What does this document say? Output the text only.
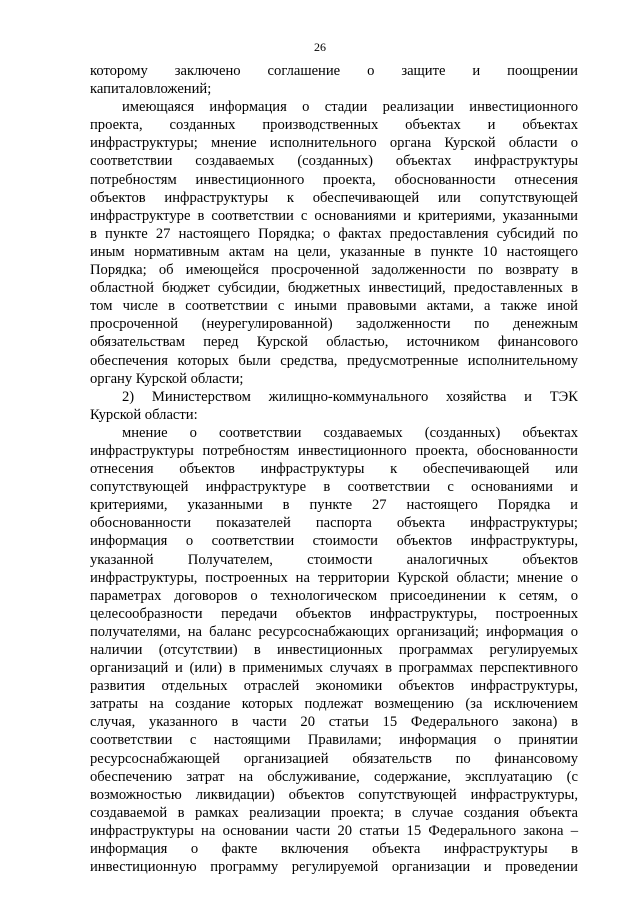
26

которому заключено соглашение о защите и поощрении

капиталовложений;

имеющаяся информация о стадии реализации инвестиционного

проекта, созданных производственных объектах и объектах

инфраструктуры; мнение исполнительного органа Курской области о

соответствии создаваемых (созданных) объектах инфраструктуры

потребностям инвестиционного проекта, обоснованности отнесения

объектов инфраструктуры к обеспечивающей или сопутствующей

инфраструктуре в соответствии с основаниями и критериями, указанными

в пункте 27 настоящего Порядка; о фактах предоставления субсидий по

иным нормативным актам на цели, указанные в пункте 10 настоящего

Порядка; об имеющейся просроченной задолженности по возврату в

областной бюджет субсидии, бюджетных инвестиций, предоставленных в

том числе в соответствии с иными правовыми актами, а также иной

просроченной (неурегулированной) задолженности по денежным

обязательствам перед Курской областью, источником финансового

обеспечения которых были средства, предусмотренные исполнительному

органу Курской области;

2) Министерством жилищно-коммунального хозяйства и ТЭК

Курской области:

мнение о соответствии создаваемых (созданных) объектах

инфраструктуры потребностям инвестиционного проекта, обоснованности

отнесения объектов инфраструктуры к обеспечивающей или

сопутствующей инфраструктуре в соответствии с основаниями и

критериями, указанными в пункте 27 настоящего Порядка и

обоснованности показателей паспорта объекта инфраструктуры;

информация о соответствии стоимости объектов инфраструктуры,

указанной Получателем, стоимости аналогичных объектов

инфраструктуры, построенных на территории Курской области; мнение о

параметрах договоров о технологическом присоединении к сетям, о

целесообразности передачи объектов инфраструктуры, построенных

получателями, на баланс ресурсоснабжающих организаций; информация о

наличии (отсутствии) в инвестиционных программах регулируемых

организаций и (или) в применимых случаях в программах перспективного

развития отдельных отраслей экономики объектов инфраструктуры,

затраты на создание которых подлежат возмещению (за исключением

случая, указанного в части 20 статьи 15 Федерального закона) в

соответствии с настоящими Правилами; информация о принятии

ресурсоснабжающей организацией обязательств по финансовому

обеспечению затрат на обслуживание, содержание, эксплуатацию (с

возможностью ликвидации) объектов сопутствующей инфраструктуры,

создаваемой в рамках реализации проекта; в случае создания объекта

инфраструктуры на основании части 20 статьи 15 Федерального закона –

информация о факте включения объекта инфраструктуры в

инвестиционную программу регулируемой организации и проведении
